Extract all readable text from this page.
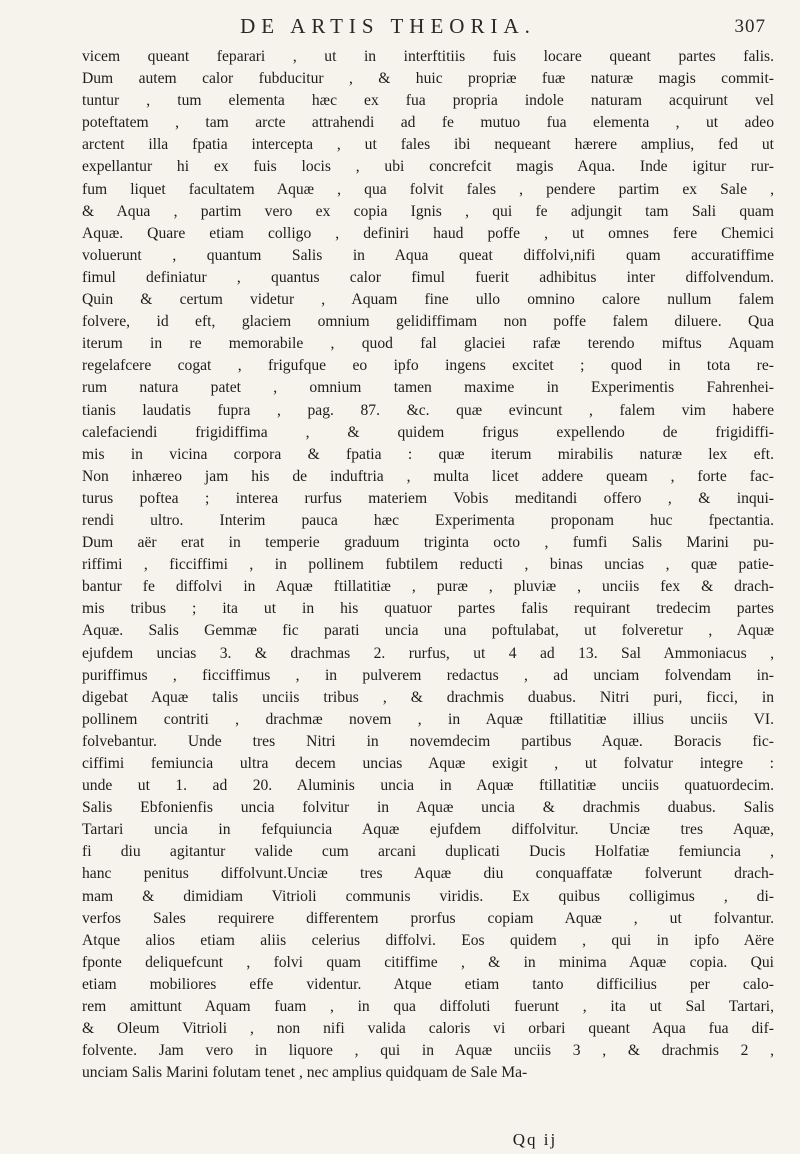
DE ARTIS THEORIA.	307
vicem queant feparari , ut in interftitiis fuis locare queant partes falis.
Dum autem calor fubducitur , & huic propriæ fuæ naturæ magis commit-
tuntur , tum elementa hæc ex fua propria indole naturam acquirunt vel
poteftatem , tam arcte attrahendi ad fe mutuo fua elementa , ut adeo
arctent illa fpatia intercepta , ut fales ibi nequeant hærere amplius, fed ut
expellantur hi ex fuis locis , ubi concrefcit magis Aqua. Inde igitur rur-
fum liquet facultatem Aquæ , qua folvit fales , pendere partim ex Sale ,
& Aqua , partim vero ex copia Ignis , qui fe adjungit tam Sali quam
Aquæ. Quare etiam colligo , definiri haud poffe , ut omnes fere Chemici
voluerunt , quantum Salis in Aqua queat diffolvi,nifi quam accuratiffime
fimul definiatur , quantus calor fimul fuerit adhibitus inter diffolvendum.
Quin & certum videtur , Aquam fine ullo omnino calore nullum falem
folvere, id eft, glaciem omnium gelidiffimam non poffe falem diluere. Qua
iterum in re memorabile , quod fal glaciei rafæ terendo miftus Aquam
regelafcere cogat , frigufque eo ipfo ingens excitet ; quod in tota re-
rum natura patet , omnium tamen maxime in Experimentis Fahrenhei-
tianis laudatis fupra , pag. 87. &c. quæ evincunt , falem vim habere
calefaciendi frigidiffima , & quidem frigus expellendo de frigidiffi-
mis in vicina corpora & fpatia : quæ iterum mirabilis naturæ lex eft.
Non inhæreo jam his de induftria , multa licet addere queam , forte fac-
turus poftea ; interea rurfus materiem Vobis meditandi offero , & inqui-
rendi ultro. Interim pauca hæc Experimenta proponam huc fpectantia.
Dum aër erat in temperie graduum triginta octo , fumfi Salis Marini pu-
riffimi , ficciffimi , in pollinem fubtilem reducti , binas uncias , quæ patie-
bantur fe diffolvi in Aquæ ftillatitiæ , puræ , pluviæ , unciis fex & drach-
mis tribus ; ita ut in his quatuor partes falis requirant tredecim partes
Aquæ. Salis Gemmæ fic parati uncia una poftulabat, ut folveretur , Aquæ
ejufdem uncias 3. & drachmas 2. rurfus, ut 4 ad 13. Sal Ammoniacus ,
puriffimus , ficciffimus , in pulverem redactus , ad unciam folvendam in-
digebat Aquæ talis unciis tribus , & drachmis duabus. Nitri puri, ficci, in
pollinem contriti , drachmæ novem , in Aquæ ftillatitiæ illius unciis VI.
folvebantur. Unde tres Nitri in novemdecim partibus Aquæ. Boracis fic-
ciffimi femiuncia ultra decem uncias Aquæ exigit , ut folvatur integre :
unde ut 1. ad 20. Aluminis uncia in Aquæ ftillatitiæ unciis quatuordecim.
Salis Ebfonienfis uncia folvitur in Aquæ uncia & drachmis duabus. Salis
Tartari uncia in fefquiuncia Aquæ ejufdem diffolvitur. Unciæ tres Aquæ,
fi diu agitantur valide cum arcani duplicati Ducis Holfatiæ femiuncia ,
hanc penitus diffolvunt.Unciæ tres Aquæ diu conquaffatæ folverunt drach-
mam & dimidiam Vitrioli communis viridis. Ex quibus colligimus , di-
verfos Sales requirere differentem prorfus copiam Aquæ , ut folvantur.
Atque alios etiam aliis celerius diffolvi. Eos quidem , qui in ipfo Aëre
fponte deliquefcunt , folvi quam citiffime , & in minima Aquæ copia. Qui
etiam mobiliores effe videntur. Atque etiam tanto difficilius per calo-
rem amittunt Aquam fuam , in qua diffoluti fuerunt , ita ut Sal Tartari,
& Oleum Vitrioli , non nifi valida caloris vi orbari queant Aqua fua dif-
folvente. Jam vero in liquore , qui in Aquæ unciis 3 , & drachmis 2 ,
unciam Salis Marini folutam tenet , nec amplius quidquam de Sale Ma-
Qq ij
